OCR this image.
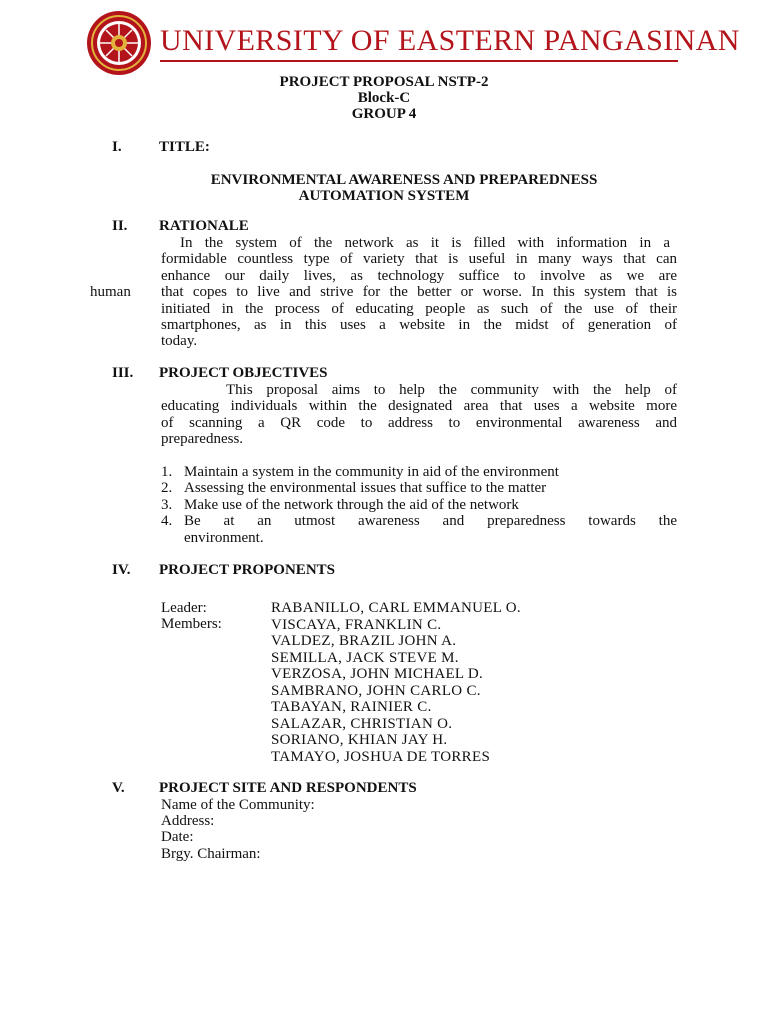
UNIVERSITY OF EASTERN PANGASINAN
PROJECT PROPOSAL NSTP-2
Block-C
GROUP 4
I. TITLE:
ENVIRONMENTAL AWARENESS AND PREPAREDNESS
AUTOMATION SYSTEM
II. RATIONALE
In the system of the network as it is filled with information in a
formidable countless type of variety that is useful in many ways that can
enhance our daily lives, as technology suffice to involve as we are
that copes to live and strive for the better or worse. In this system that is
initiated in the process of educating people as such of the use of their
smartphones, as in this uses a website in the midst of generation of
today.
human
III. PROJECT OBJECTIVES
This proposal aims to help the community with the help of
educating individuals within the designated area that uses a website more
of scanning a QR code to address to environmental awareness and
preparedness.
1. Maintain a system in the community in aid of the environment
2. Assessing the environmental issues that suffice to the matter
3. Make use of the network through the aid of the network
4. Be at an utmost awareness and preparedness towards the
environment.
IV. PROJECT PROPONENTS
Leader:
Members:
RABANILLO, CARL EMMANUEL O.
VISCAYA, FRANKLIN C.
VALDEZ, BRAZIL JOHN A.
SEMILLA, JACK STEVE M.
VERZOSA, JOHN MICHAEL D.
SAMBRANO, JOHN CARLO C.
TABAYAN, RAINIER C.
SALAZAR, CHRISTIAN O.
SORIANO, KHIAN JAY H.
TAMAYO, JOSHUA DE TORRES
V. PROJECT SITE AND RESPONDENTS
Name of the Community:
Address:
Date:
Brgy. Chairman:
